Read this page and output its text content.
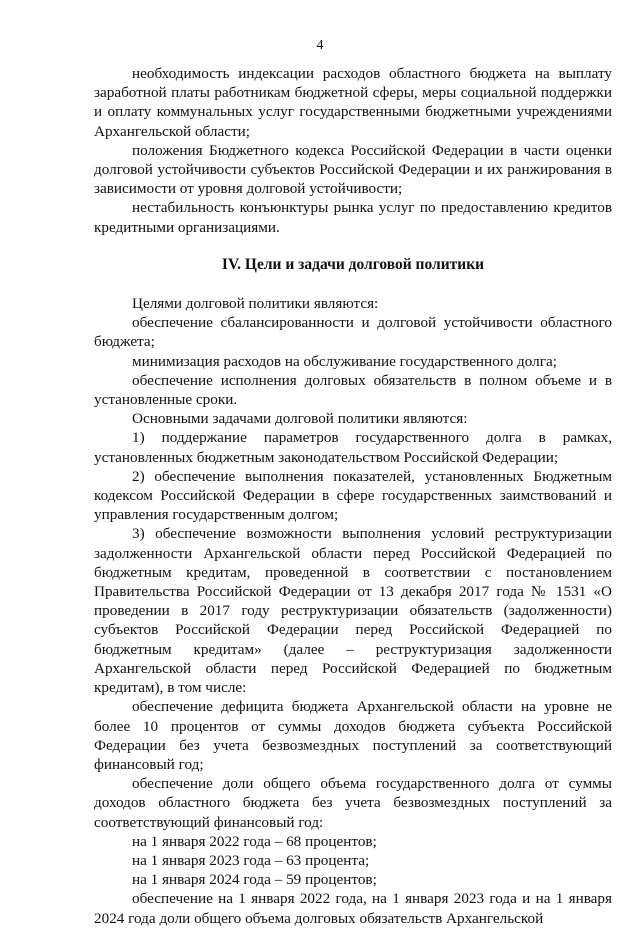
4

необходимость индексации расходов областного бюджета на выплату заработной платы работникам бюджетной сферы, меры социальной поддержки и оплату коммунальных услуг государственными бюджетными учреждениями Архангельской области;

положения Бюджетного кодекса Российской Федерации в части оценки долговой устойчивости субъектов Российской Федерации и их ранжирования в зависимости от уровня долговой устойчивости;

нестабильность конъюнктуры рынка услуг по предоставлению кредитов кредитными организациями.

IV. Цели и задачи долговой политики

Целями долговой политики являются:

обеспечение сбалансированности и долговой устойчивости областного бюджета;

минимизация расходов на обслуживание государственного долга;

обеспечение исполнения долговых обязательств в полном объеме и в установленные сроки.

Основными задачами долговой политики являются:

1) поддержание параметров государственного долга в рамках, установленных бюджетным законодательством Российской Федерации;

2) обеспечение выполнения показателей, установленных Бюджетным кодексом Российской Федерации в сфере государственных заимствований и управления государственным долгом;

3) обеспечение возможности выполнения условий реструктуризации задолженности Архангельской области перед Российской Федерацией по бюджетным кредитам, проведенной в соответствии с постановлением Правительства Российской Федерации от 13 декабря 2017 года № 1531 «О проведении в 2017 году реструктуризации обязательств (задолженности) субъектов Российской Федерации перед Российской Федерацией по бюджетным кредитам» (далее – реструктуризация задолженности Архангельской области перед Российской Федерацией по бюджетным кредитам), в том числе:

обеспечение дефицита бюджета Архангельской области на уровне не более 10 процентов от суммы доходов бюджета субъекта Российской Федерации без учета безвозмездных поступлений за соответствующий финансовый год;

обеспечение доли общего объема государственного долга от суммы доходов областного бюджета без учета безвозмездных поступлений за соответствующий финансовый год:

на 1 января 2022 года – 68 процентов;

на 1 января 2023 года – 63 процента;

на 1 января 2024 года – 59 процентов;

обеспечение на 1 января 2022 года, на 1 января 2023 года и на 1 января 2024 года доли общего объема долговых обязательств Архангельской
